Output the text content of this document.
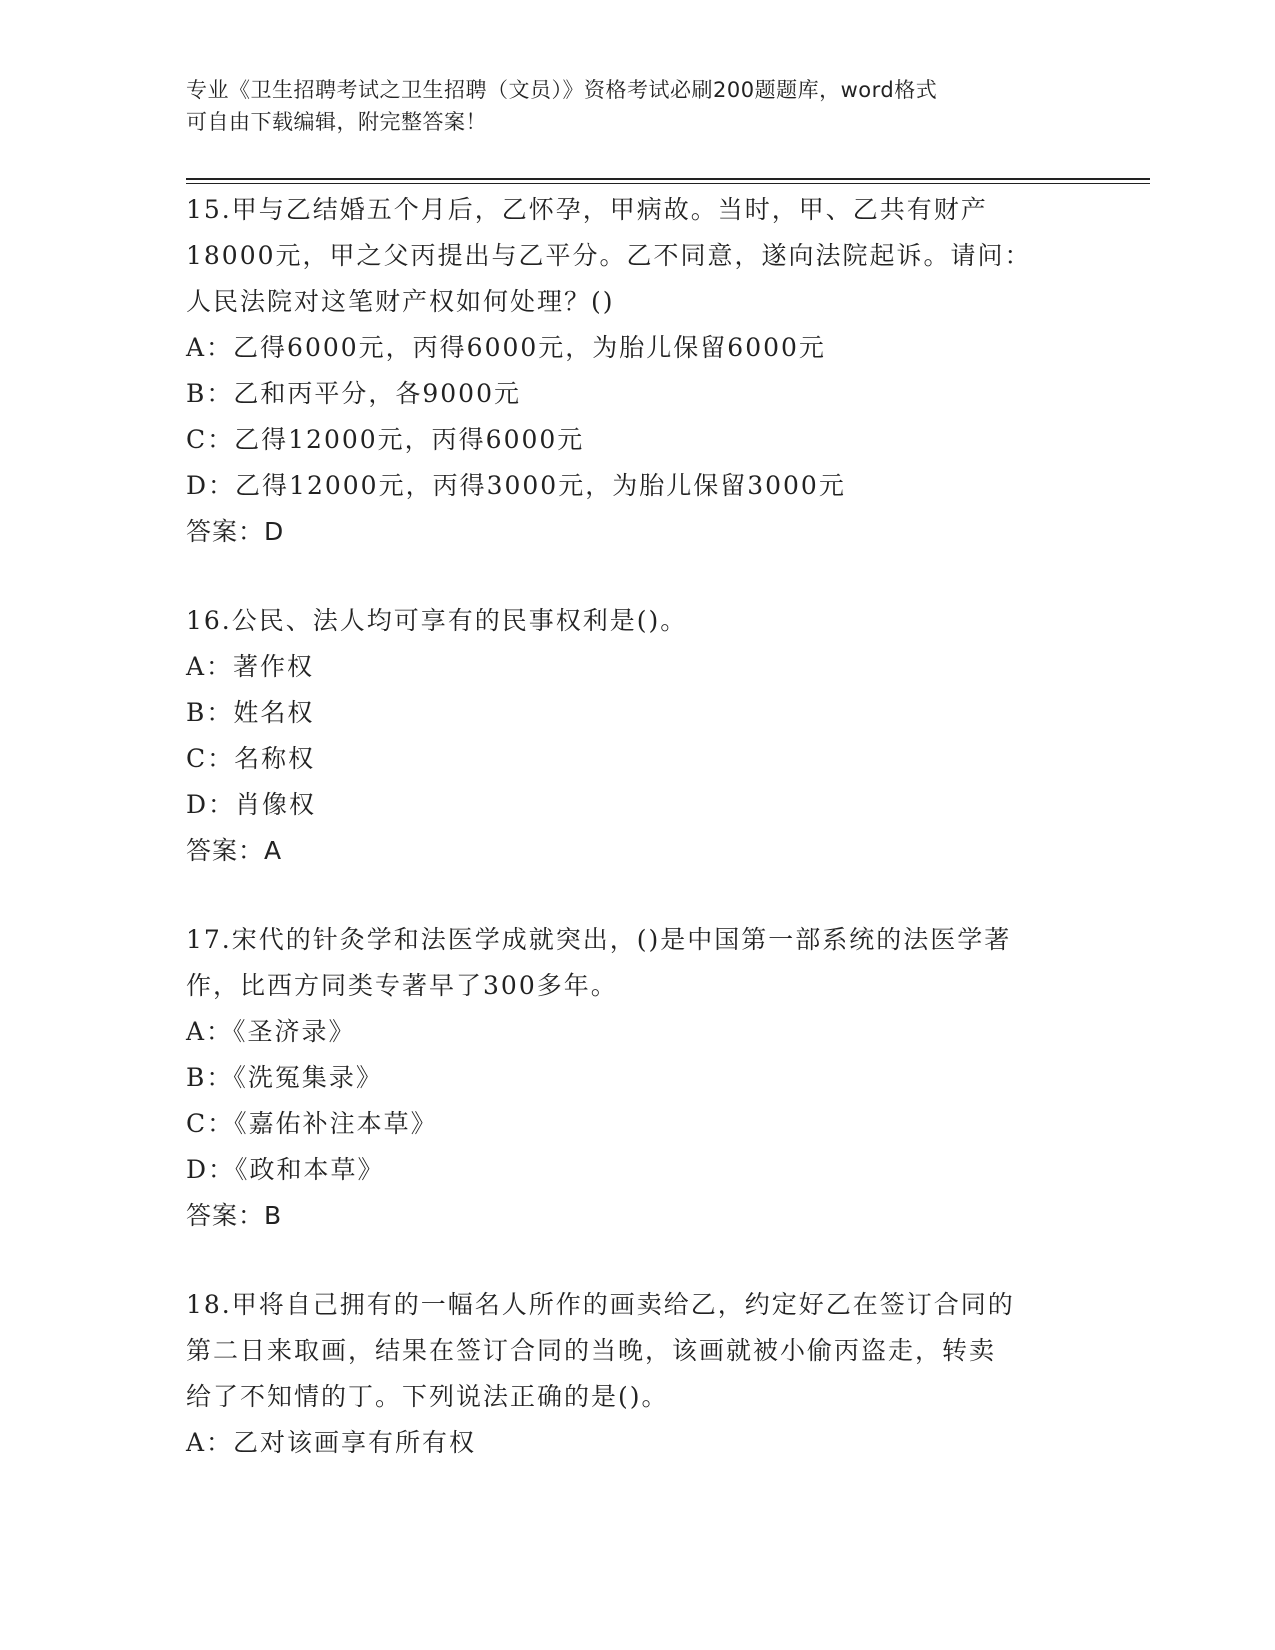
专业《卫生招聘考试之卫生招聘（文员）》资格考试必刷200题题库，word格式
可自由下载编辑，附完整答案！
15.甲与乙结婚五个月后，乙怀孕，甲病故。当时，甲、乙共有财产
18000元，甲之父丙提出与乙平分。乙不同意，遂向法院起诉。请问：
人民法院对这笔财产权如何处理？()
A：乙得6000元，丙得6000元，为胎儿保留6000元
B：乙和丙平分，各9000元
C：乙得12000元，丙得6000元
D：乙得12000元，丙得3000元，为胎儿保留3000元
答案：D
16.公民、法人均可享有的民事权利是()。
A：著作权
B：姓名权
C：名称权
D：肖像权
答案：A
17.宋代的针灸学和法医学成就突出，()是中国第一部系统的法医学著
作，比西方同类专著早了300多年。
A：《圣济录》
B：《洗冤集录》
C：《嘉佑补注本草》
D：《政和本草》
答案：B
18.甲将自己拥有的一幅名人所作的画卖给乙，约定好乙在签订合同的
第二日来取画，结果在签订合同的当晚，该画就被小偷丙盗走，转卖
给了不知情的丁。下列说法正确的是()。
A：乙对该画享有所有权
